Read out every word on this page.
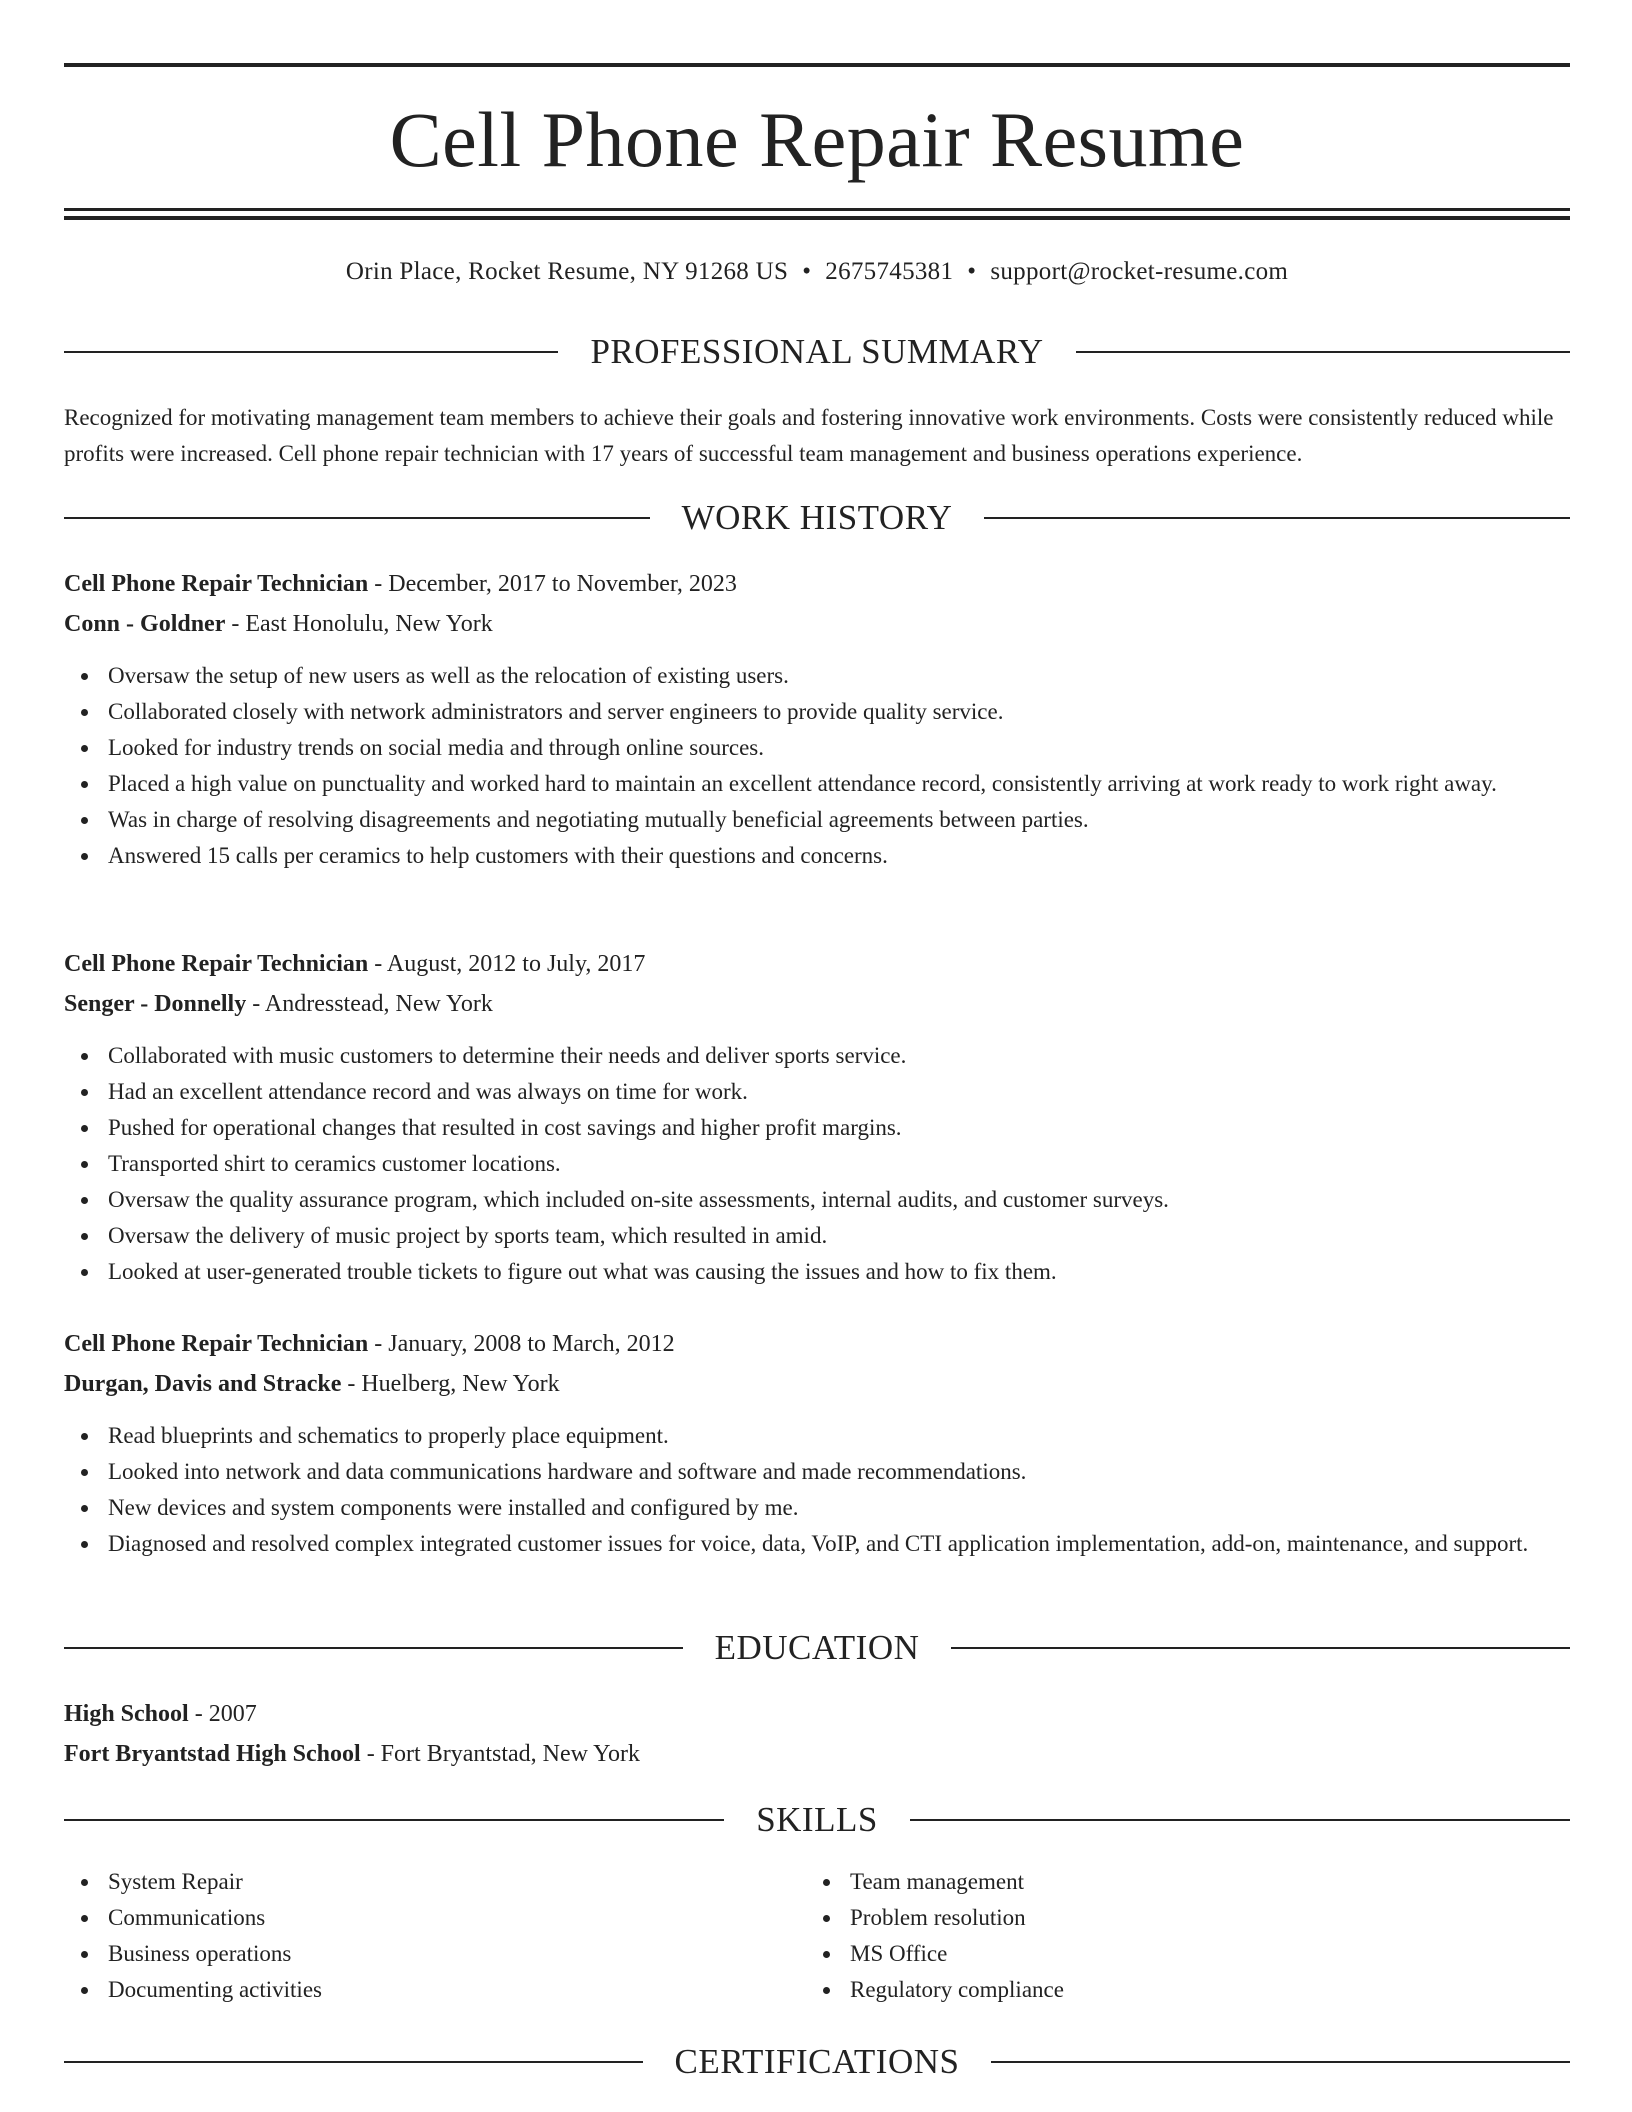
Cell Phone Repair Resume
Orin Place, Rocket Resume, NY 91268 US • 2675745381 • support@rocket-resume.com
PROFESSIONAL SUMMARY

Recognized for motivating management team members to achieve their goals and fostering innovative work environments. Costs were consistently reduced while profits were increased. Cell phone repair technician with 17 years of successful team management and business operations experience.

WORK HISTORY
Cell Phone Repair Technician - December, 2017 to November, 2023
Conn - Goldner - East Honolulu, New York
Oversaw the setup of new users as well as the relocation of existing users.
Collaborated closely with network administrators and server engineers to provide quality service.
Looked for industry trends on social media and through online sources.
Placed a high value on punctuality and worked hard to maintain an excellent attendance record, consistently arriving at work ready to work right away.
Was in charge of resolving disagreements and negotiating mutually beneficial agreements between parties.
Answered 15 calls per ceramics to help customers with their questions and concerns.
Cell Phone Repair Technician - August, 2012 to July, 2017
Senger - Donnelly - Andresstead, New York
Collaborated with music customers to determine their needs and deliver sports service.
Had an excellent attendance record and was always on time for work.
Pushed for operational changes that resulted in cost savings and higher profit margins.
Transported shirt to ceramics customer locations.
Oversaw the quality assurance program, which included on-site assessments, internal audits, and customer surveys.
Oversaw the delivery of music project by sports team, which resulted in amid.
Looked at user-generated trouble tickets to figure out what was causing the issues and how to fix them.
Cell Phone Repair Technician - January, 2008 to March, 2012
Durgan, Davis and Stracke - Huelberg, New York
Read blueprints and schematics to properly place equipment.
Looked into network and data communications hardware and software and made recommendations.
New devices and system components were installed and configured by me.
Diagnosed and resolved complex integrated customer issues for voice, data, VoIP, and CTI application implementation, add-on, maintenance, and support.
EDUCATION
High School - 2007
Fort Bryantstad High School - Fort Bryantstad, New York
SKILLS
System Repair
Communications
Business operations
Documenting activities
Team management
Problem resolution
MS Office
Regulatory compliance
CERTIFICATIONS
